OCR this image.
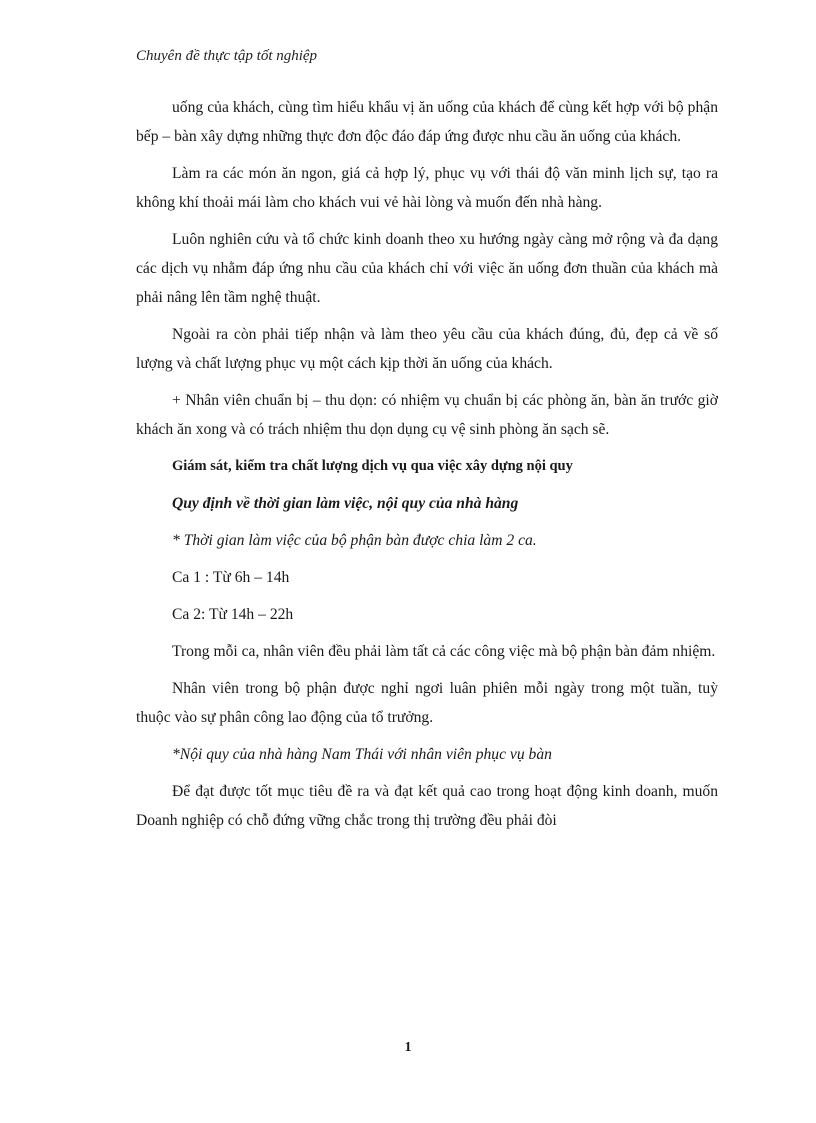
Chuyên đề thực tập tốt nghiệp

uống của khách, cùng tìm hiểu khẩu vị ăn uống của khách để cùng kết hợp với bộ phận bếp – bàn xây dựng những thực đơn độc đáo đáp ứng được nhu cầu ăn uống của khách.

Làm ra các món ăn ngon, giá cả hợp lý, phục vụ với thái độ văn minh lịch sự, tạo ra không khí thoải mái làm cho khách vui vẻ hài lòng và muốn đến nhà hàng.

Luôn nghiên cứu và tổ chức kinh doanh theo xu hướng ngày càng mở rộng và đa dạng các dịch vụ nhằm đáp ứng nhu cầu của khách chỉ với việc ăn uống đơn thuần của khách mà phải nâng lên tầm nghệ thuật.

Ngoài ra còn phải tiếp nhận và làm theo yêu cầu của khách đúng, đủ, đẹp cả về số lượng và chất lượng phục vụ một cách kịp thời ăn uống của khách.

+ Nhân viên chuẩn bị – thu dọn: có nhiệm vụ chuẩn bị các phòng ăn, bàn ăn trước giờ khách ăn xong và có trách nhiệm thu dọn dụng cụ vệ sinh phòng ăn sạch sẽ.

Giám sát, kiểm tra chất lượng dịch vụ qua việc xây dựng nội quy

Quy định về thời gian làm việc, nội quy của nhà hàng

* Thời gian làm việc của bộ phận bàn được chia làm 2 ca.

Ca 1 : Từ 6h – 14h

Ca 2: Từ 14h – 22h

Trong mỗi ca, nhân viên đều phải làm tất cả các công việc mà bộ phận bàn đảm nhiệm.

Nhân viên trong bộ phận được nghỉ ngơi luân phiên mỗi ngày trong một tuần, tuỳ thuộc vào sự phân công lao động của tổ trưởng.

*Nội quy của nhà hàng Nam Thái với nhân viên phục vụ bàn

Để đạt được tốt mục tiêu đề ra và đạt kết quả cao trong hoạt động kinh doanh, muốn Doanh nghiệp có chỗ đứng vững chắc trong thị trường đều phải đòi

1
